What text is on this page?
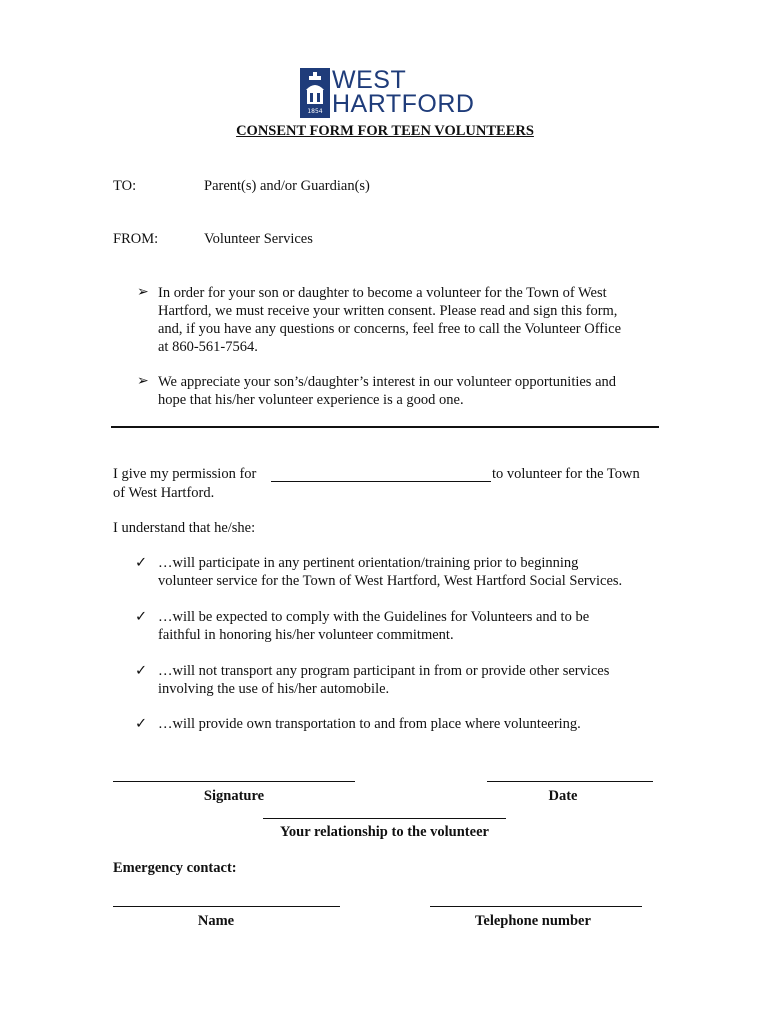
1854
WEST
HARTFORD
CONSENT FORM FOR TEEN VOLUNTEERS
TO:	Parent(s) and/or Guardian(s)
FROM:	Volunteer Services
➢ In order for your son or daughter to become a volunteer for the Town of West
Hartford, we must receive your written consent. Please read and sign this form,
and, if you have any questions or concerns, feel free to call the Volunteer Office
at 860-561-7564.
➢ We appreciate your son’s/daughter’s interest in our volunteer opportunities and
hope that his/her volunteer experience is a good one.
I give my permission for	to volunteer for the Town
of West Hartford.
I understand that he/she:
✓ …will participate in any pertinent orientation/training prior to beginning
volunteer service for the Town of West Hartford, West Hartford Social Services.
✓ …will be expected to comply with the Guidelines for Volunteers and to be
faithful in honoring his/her volunteer commitment.
✓ …will not transport any program participant in from or provide other services
involving the use of his/her automobile.
✓ …will provide own transportation to and from place where volunteering.
Signature	Date
Your relationship to the volunteer
Emergency contact:
Name	Telephone number
